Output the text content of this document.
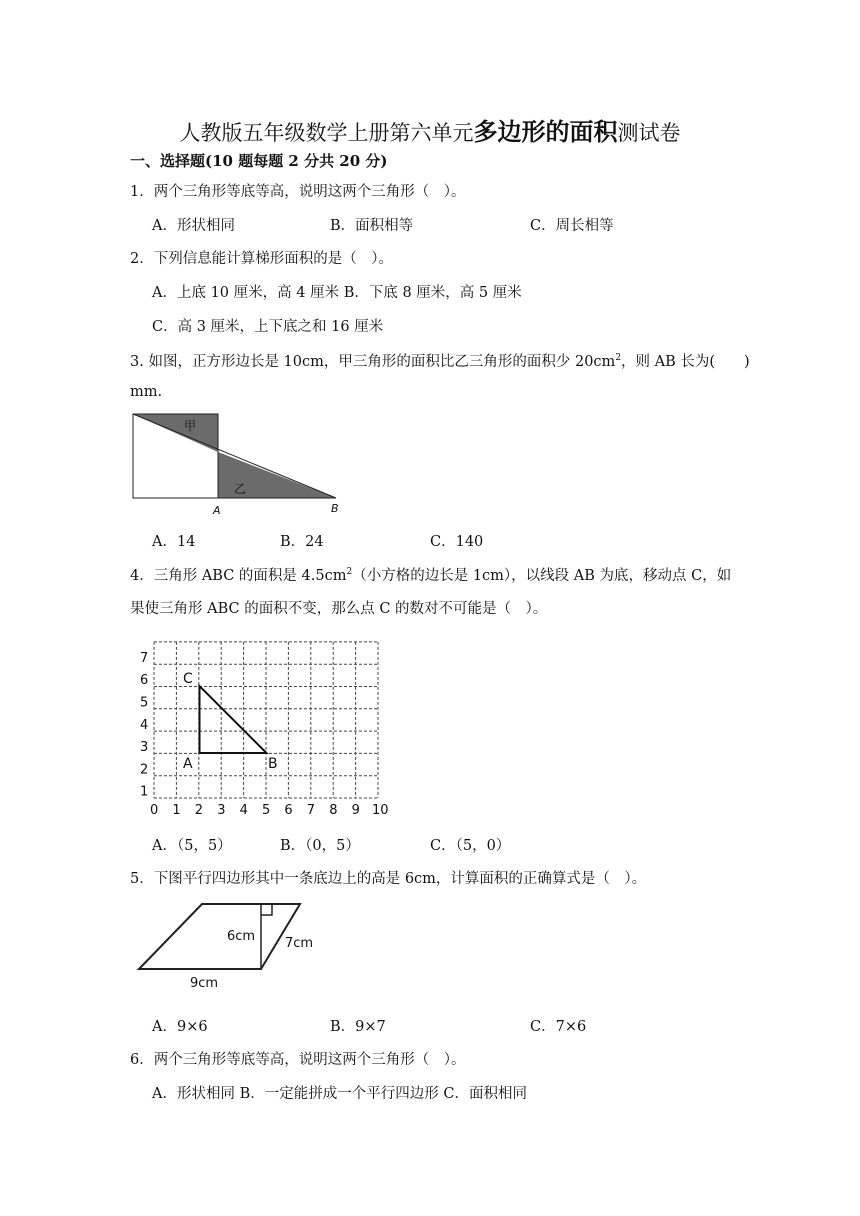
人教版五年级数学上册第六单元多边形的面积测试卷
一、选择题(10 题每题 2 分共 20 分)
1．两个三角形等底等高，说明这两个三角形（　）。
A．形状相同	B．面积相等	C．周长相等
2．下列信息能计算梯形面积的是（　）。
A．上底 10 厘米，高 4 厘米 B．下底 8 厘米，高 5 厘米
C．高 3 厘米，上下底之和 16 厘米
3. 如图，正方形边长是 10cm，甲三角形的面积比乙三角形的面积少 $20cm^2$，则 AB 长为(　　)
mm.
甲
乙
A	B
A．14	B．24	C．140
4．三角形 ABC 的面积是 $4.5cm^2$（小方格的边长是 1cm），以线段 AB 为底，移动点 C，如
果使三角形 ABC 的面积不变，那么点 C 的数对不可能是（　）。
0 1 2 3 4 5 6 7 8 9 10
1
2
3
4
5
6
7
C
A	B
A．（5，5）	B．（0，5）	C．（5，0）
5．下图平行四边形其中一条底边上的高是 6cm，计算面积的正确算式是（　）。
6cm 7cm
9cm
A．9×6	B．9×7	C．7×6
6．两个三角形等底等高，说明这两个三角形（　）。
A．形状相同 B．一定能拼成一个平行四边形 C．面积相同
